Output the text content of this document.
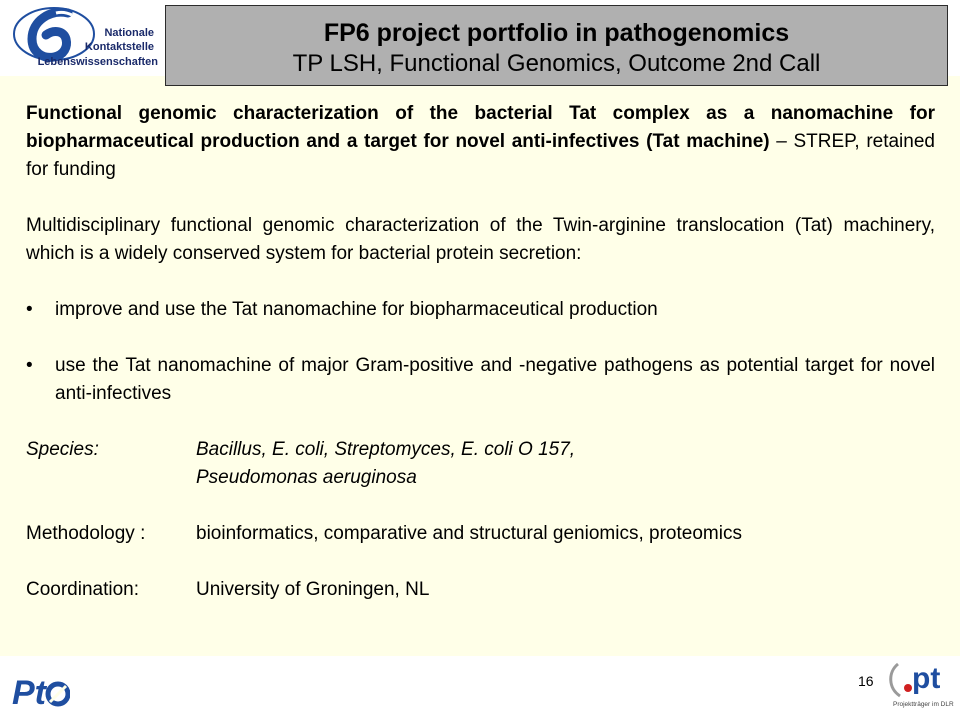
Nationale
Kontaktstelle
Lebenswissenschaften
FP6 project portfolio in pathogenomics
TP LSH, Functional Genomics, Outcome 2nd Call

Functional genomic characterization of the bacterial Tat complex as a nanomachine for biopharmaceutical production and a target for novel anti-infectives (Tat machine) – STREP, retained for funding

Multidisciplinary functional genomic characterization of the Twin-arginine translocation (Tat) machinery, which is a widely conserved system for bacterial protein secretion:

• improve and use the Tat nanomachine for biopharmaceutical production
• use the Tat nanomachine of major Gram-positive and -negative pathogens as potential target for novel anti-infectives
Species:	Bacillus, E. coli, Streptomyces, E. coli O 157,
Pseudomonas aeruginosa
Methodology :	bioinformatics, comparative and structural geniomics, proteomics
Coordination:	University of Groningen, NL
Pt	16 pt
Projektträger im DLR
